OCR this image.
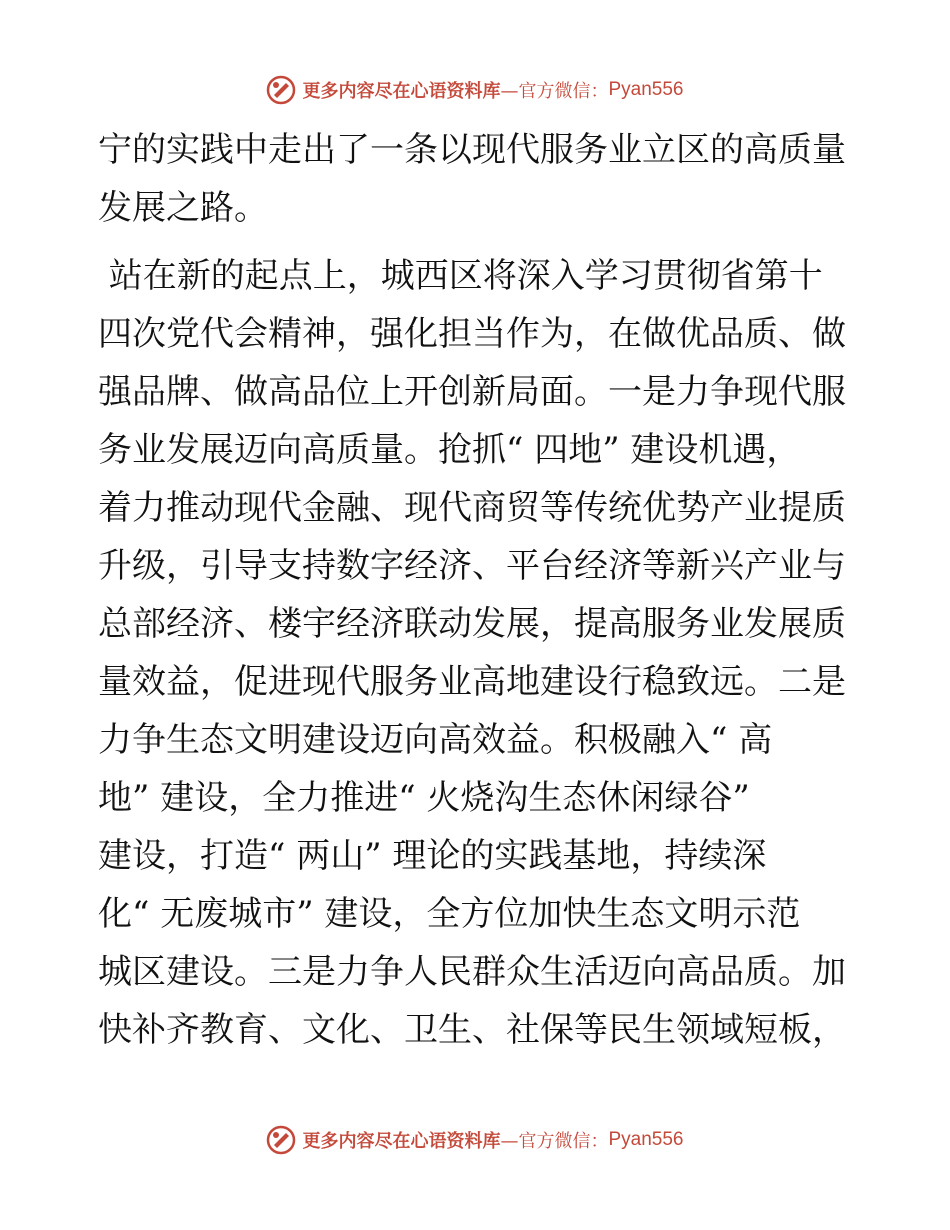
更多内容尽在心语资料库 —官方微信： Pyan556
宁的实践中走出了一条以现代服务业立区的高质量
发展之路。
站在新的起点上，城西区将深入学习贯彻省第十
四次党代会精神，强化担当作为，在做优品质、做
强品牌、做高品位上开创新局面。一是力争现代服
务业发展迈向高质量。抢抓“ 四地” 建设机遇，
着力推动现代金融、现代商贸等传统优势产业提质
升级，引导支持数字经济、平台经济等新兴产业与
总部经济、楼宇经济联动发展，提高服务业发展质
量效益，促进现代服务业高地建设行稳致远。二是
力争生态文明建设迈向高效益。积极融入“ 高
地” 建设，全力推进“ 火烧沟生态休闲绿谷”
建设，打造“ 两山” 理论的实践基地，持续深
化“ 无废城市” 建设，全方位加快生态文明示范
城区建设。三是力争人民群众生活迈向高品质。加
快补齐教育、文化、卫生、社保等民生领域短板，
更多内容尽在心语资料库 —官方微信： Pyan556
